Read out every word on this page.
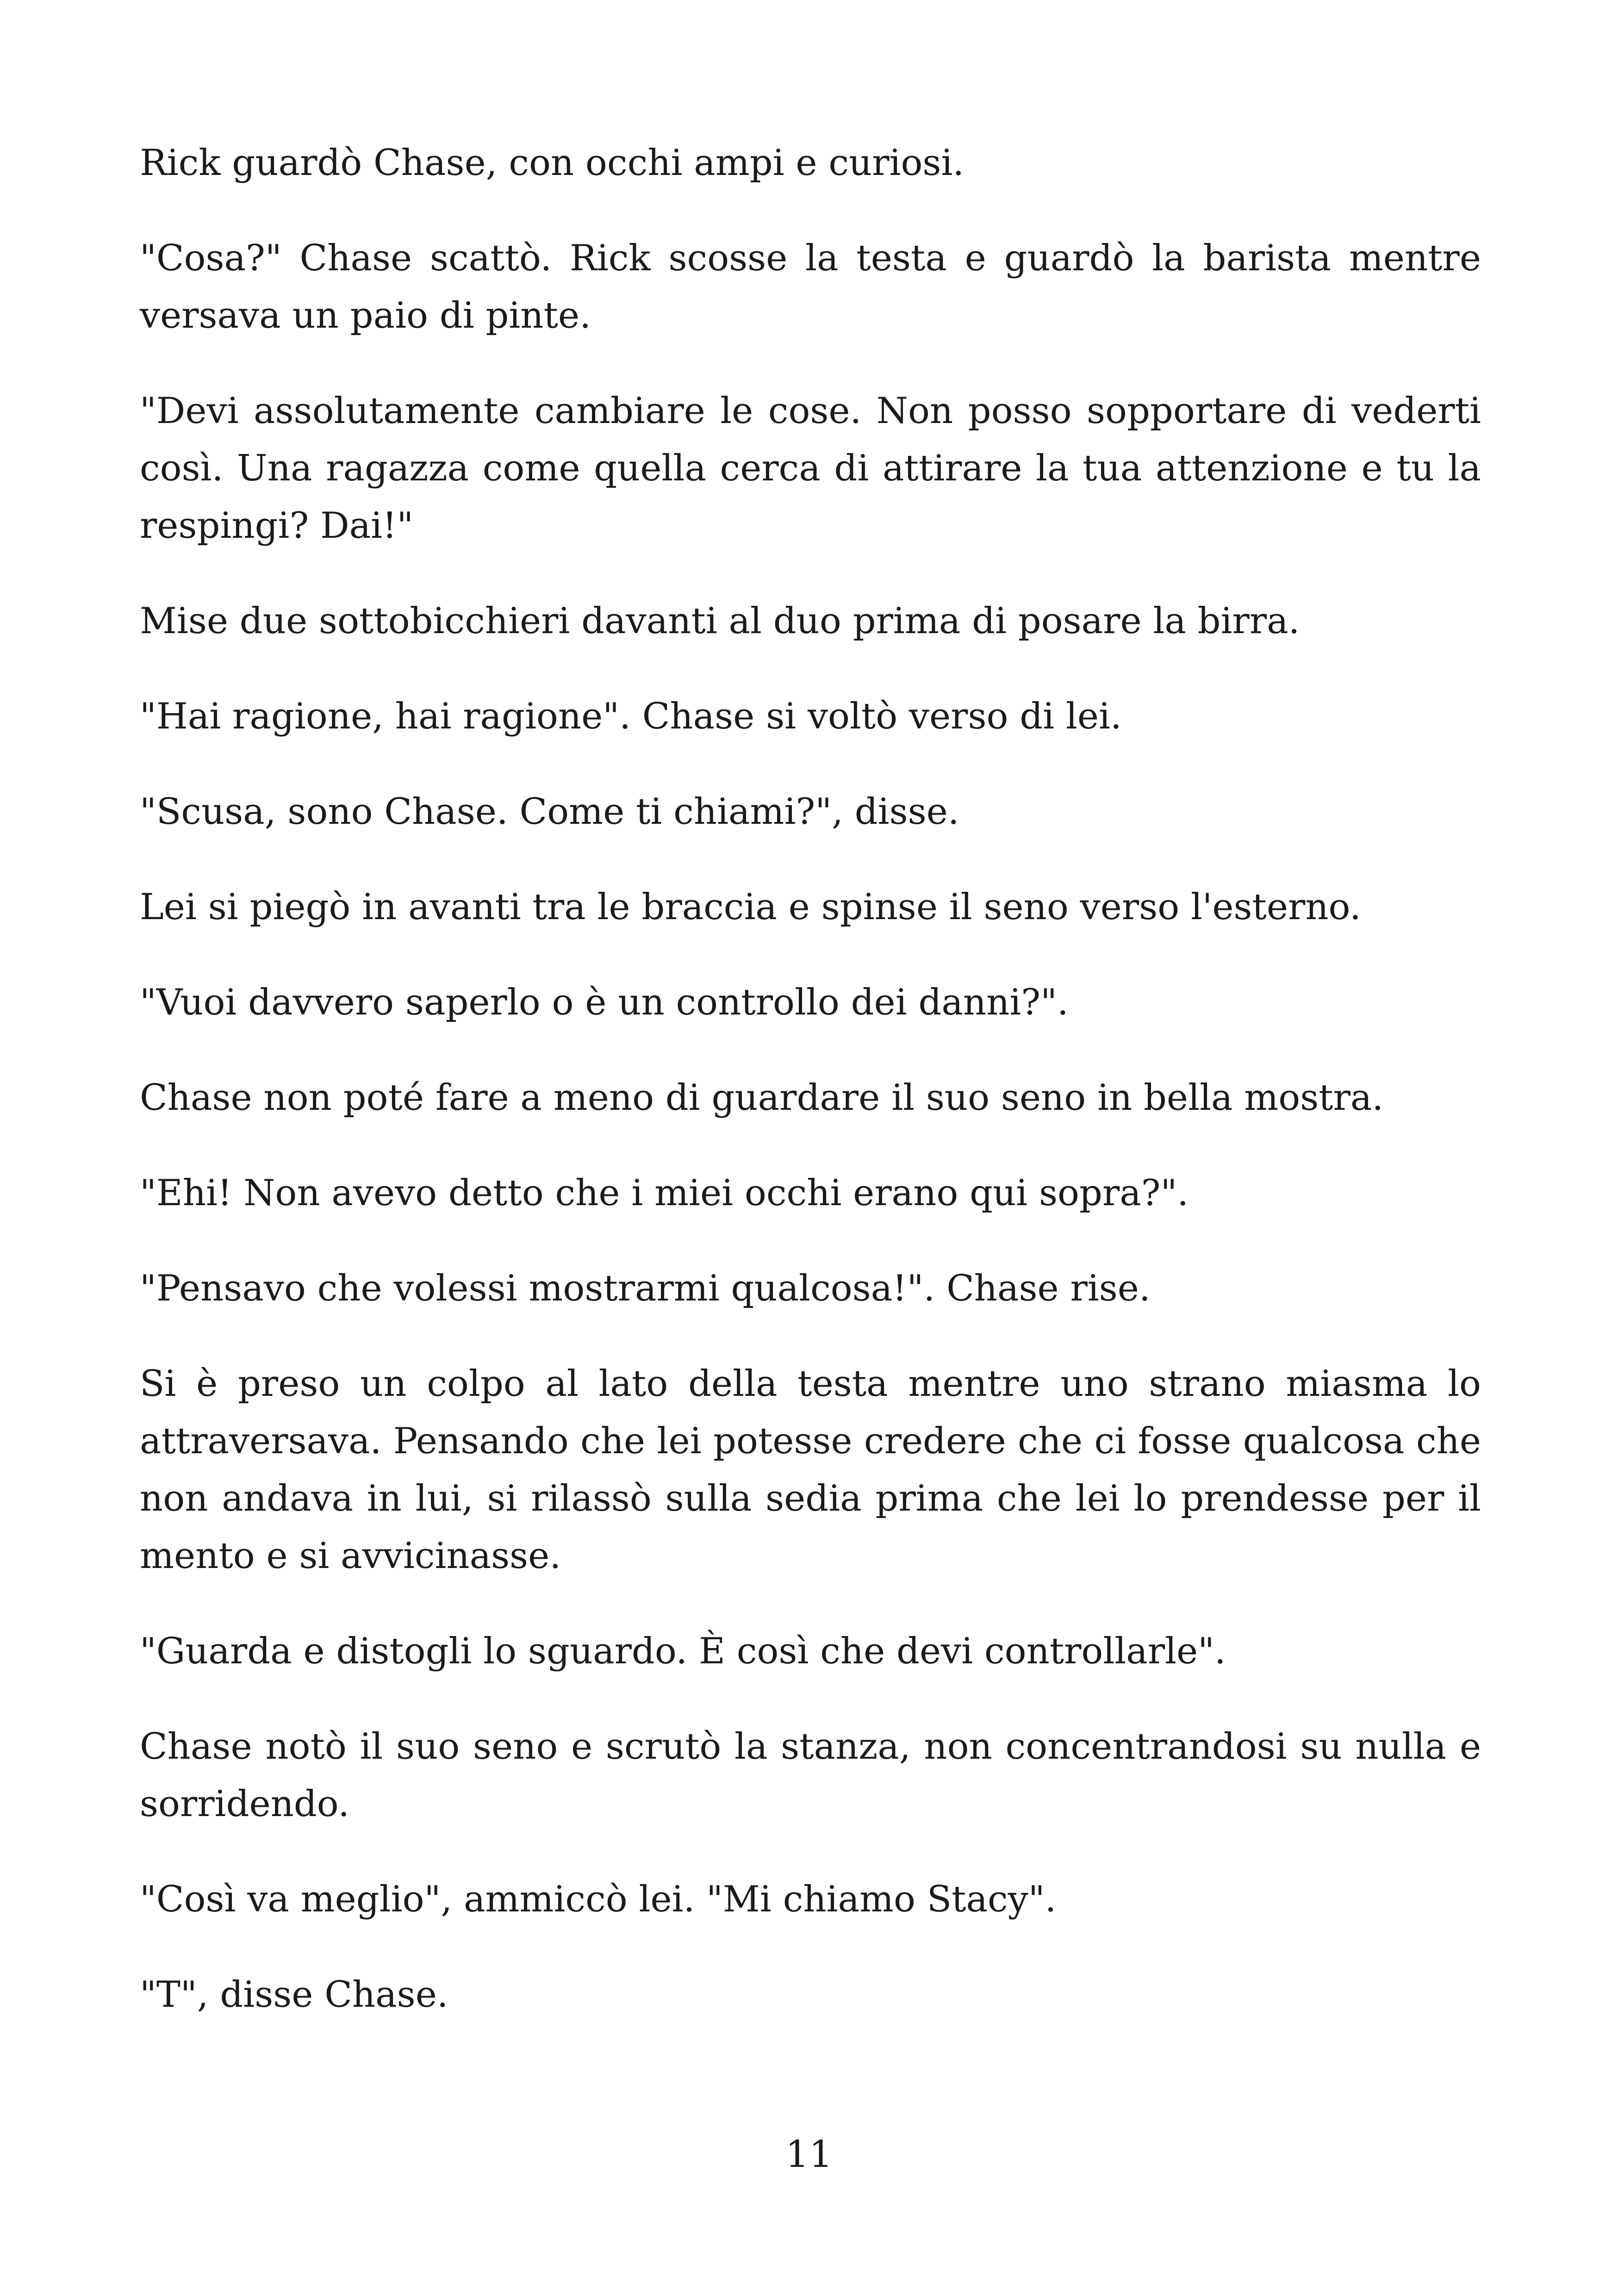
Rick guardò Chase, con occhi ampi e curiosi.

"Cosa?" Chase scattò. Rick scosse la testa e guardò la barista mentre versava un paio di pinte.

"Devi assolutamente cambiare le cose. Non posso sopportare di vederti così. Una ragazza come quella cerca di attirare la tua attenzione e tu la respingi? Dai!"

Mise due sottobicchieri davanti al duo prima di posare la birra.

"Hai ragione, hai ragione". Chase si voltò verso di lei.

"Scusa, sono Chase. Come ti chiami?", disse.

Lei si piegò in avanti tra le braccia e spinse il seno verso l'esterno.

"Vuoi davvero saperlo o è un controllo dei danni?".

Chase non poté fare a meno di guardare il suo seno in bella mostra.

"Ehi! Non avevo detto che i miei occhi erano qui sopra?".

"Pensavo che volessi mostrarmi qualcosa!". Chase rise.

Si è preso un colpo al lato della testa mentre uno strano miasma lo attraversava. Pensando che lei potesse credere che ci fosse qualcosa che non andava in lui, si rilassò sulla sedia prima che lei lo prendesse per il mento e si avvicinasse.

"Guarda e distogli lo sguardo. È così che devi controllarle".

Chase notò il suo seno e scrutò la stanza, non concentrandosi su nulla e sorridendo.

"Così va meglio", ammiccò lei. "Mi chiamo Stacy".

"T", disse Chase.

11
